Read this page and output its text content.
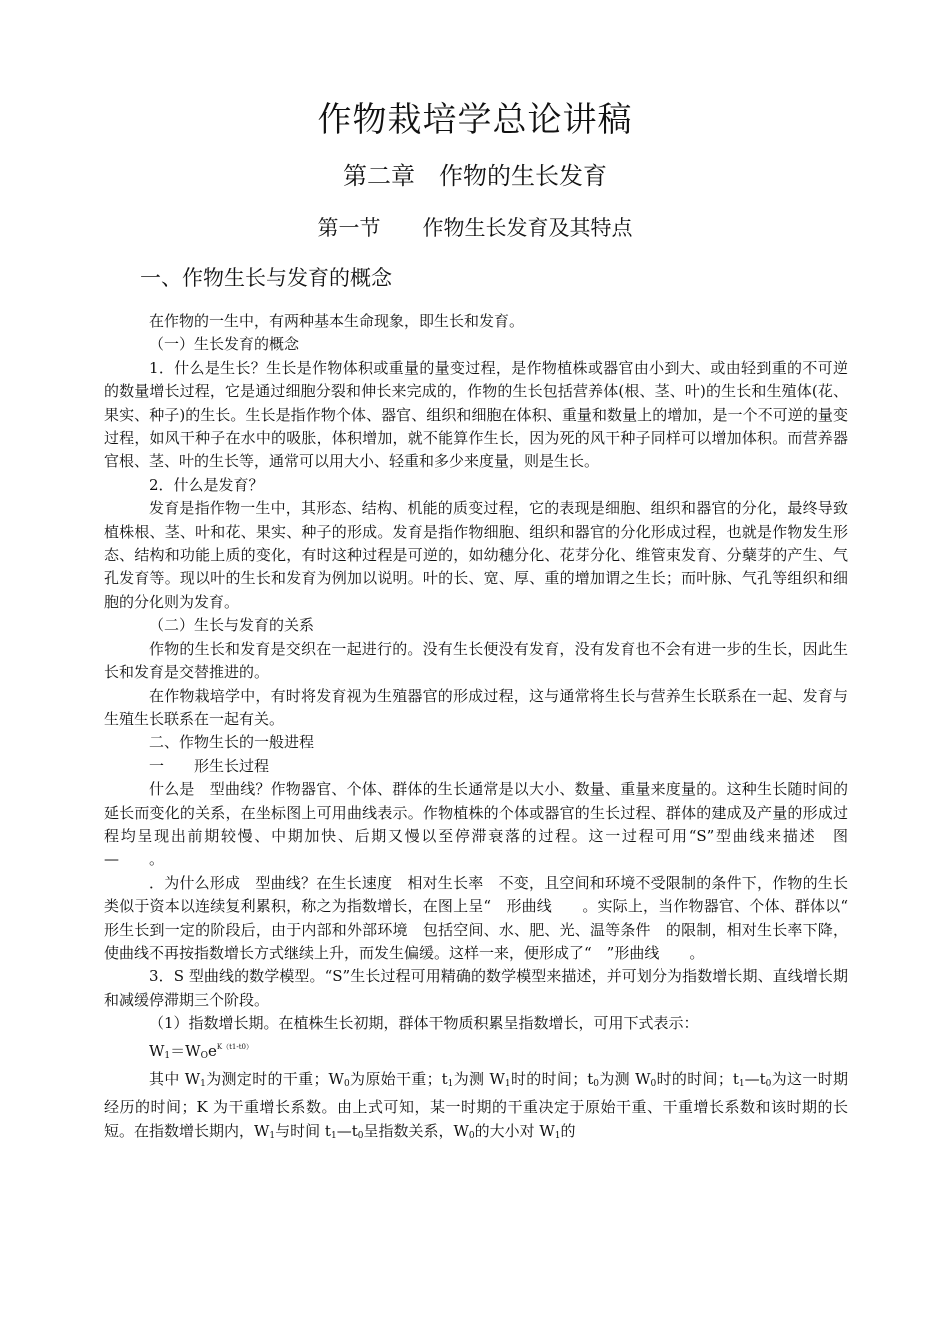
作物栽培学总论讲稿
第二章　作物的生长发育
第一节　　作物生长发育及其特点
一、作物生长与发育的概念

在作物的一生中，有两种基本生命现象，即生长和发育。

（一）生长发育的概念

1．什么是生长？生长是作物体积或重量的量变过程，是作物植株或器官由小到大、或由轻到重的不可逆的数量增长过程，它是通过细胞分裂和伸长来完成的，作物的生长包括营养体(根、茎、叶)的生长和生殖体(花、果实、种子)的生长。生长是指作物个体、器官、组织和细胞在体积、重量和数量上的增加，是一个不可逆的量变过程，如风干种子在水中的吸胀，体积增加，就不能算作生长，因为死的风干种子同样可以增加体积。而营养器官根、茎、叶的生长等，通常可以用大小、轻重和多少来度量，则是生长。

2．什么是发育？

发育是指作物一生中，其形态、结构、机能的质变过程，它的表现是细胞、组织和器官的分化，最终导致植株根、茎、叶和花、果实、种子的形成。发育是指作物细胞、组织和器官的分化形成过程，也就是作物发生形态、结构和功能上质的变化，有时这种过程是可逆的，如幼穗分化、花芽分化、维管束发育、分蘖芽的产生、气孔发育等。现以叶的生长和发育为例加以说明。叶的长、宽、厚、重的增加谓之生长；而叶脉、气孔等组织和细胞的分化则为发育。

（二）生长与发育的关系

作物的生长和发育是交织在一起进行的。没有生长便没有发育，没有发育也不会有进一步的生长，因此生长和发育是交替推进的。

在作物栽培学中，有时将发育视为生殖器官的形成过程，这与通常将生长与营养生长联系在一起、发育与生殖生长联系在一起有关。

二、作物生长的一般进程

一　　形生长过程

什么是　型曲线？作物器官、个体、群体的生长通常是以大小、数量、重量来度量的。这种生长随时间的延长而变化的关系，在坐标图上可用曲线表示。作物植株的个体或器官的生长过程、群体的建成及产量的形成过程均呈现出前期较慢、中期加快、后期又慢以至停滞衰落的过程。这一过程可用“S”型曲线来描述　图　—　　。

．为什么形成　型曲线？在生长速度　相对生长率　不变，且空间和环境不受限制的条件下，作物的生长类似于资本以连续复利累积，称之为指数增长，在图上呈“　形曲线　　。实际上，当作物器官、个体、群体以“　形生长到一定的阶段后，由于内部和外部环境　包括空间、水、肥、光、温等条件　的限制，相对生长率下降，使曲线不再按指数增长方式继续上升，而发生偏缓。这样一来，便形成了“　”形曲线　　。

3．S 型曲线的数学模型。“S”生长过程可用精确的数学模型来描述，并可划分为指数增长期、直线增长期和减缓停滞期三个阶段。

（1）指数增长期。在植株生长初期，群体干物质积累呈指数增长，可用下式表示：

$W_1=W_Oe^{K(t1-t0)}$

其中 $W_1$为测定时的干重；$W_0$为原始干重；$t_1$为测 $W_1$时的时间；$t_0$为测 $W_0$时的时间；$t_1—t_0$为这一时期经历的时间；K 为干重增长系数。由上式可知，某一时期的干重决定于原始干重、干重增长系数和该时期的长短。在指数增长期内，$W_1$与时间 $t_1—t_0$呈指数关系，$W_0$的大小对 $W_1$的
